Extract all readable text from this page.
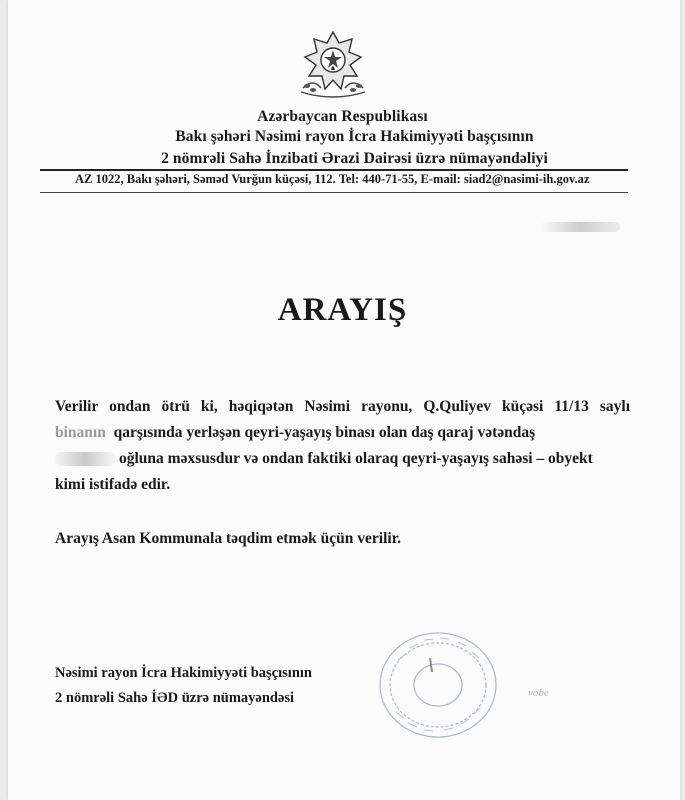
Azərbaycan Respublikası
Bakı şəhəri Nəsimi rayon İcra Hakimiyyəti başçısının
2 nömrəli Sahə İnzibati Ərazi Dairəsi üzrə nümayəndəliyi
AZ 1022, Bakı şəhəri, Səməd Vurğun küçəsi, 112. Tel: 440-71-55, E-mail: siad2@nasimi-ih.gov.az
ARAYIŞ
Verilir ondan ötrü ki, həqiqətən Nəsimi rayonu, Q.Quliyev küçəsi 11/13 saylı
binanın qarşısında yerləşən qeyri-yaşayış binası olan daş qaraj vətəndaş
oğluna məxsusdur və ondan faktiki olaraq qeyri-yaşayış sahəsi – obyekt
kimi istifadə edir.
Arayış Asan Kommunala təqdim etmək üçün verilir.
Nəsimi rayon İcra Hakimiyyəti başçısının
2 nömrəli Sahə İƏD üzrə nümayəndəsi	vobe
